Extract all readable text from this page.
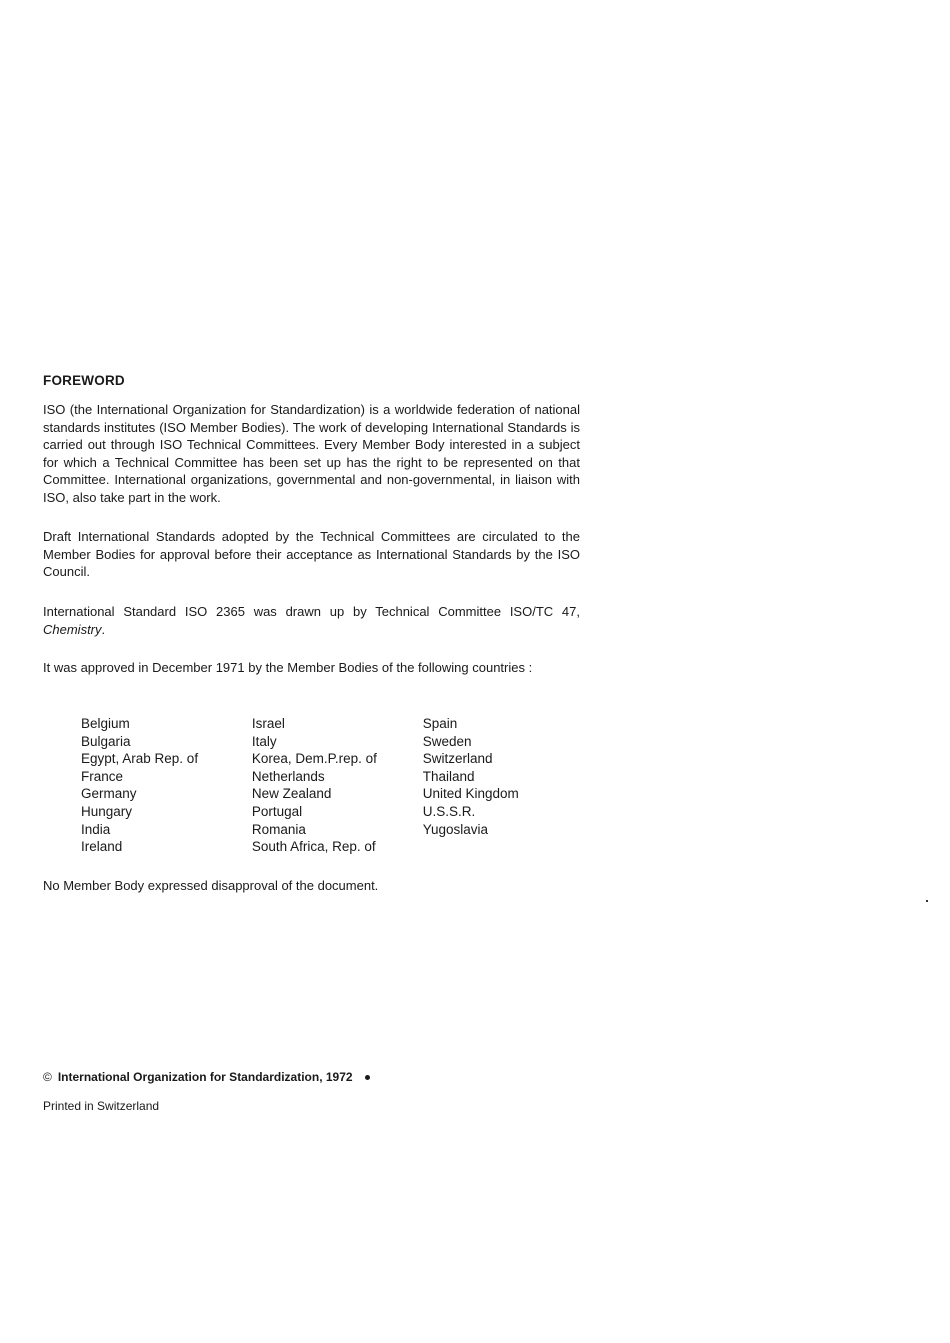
FOREWORD

ISO (the International Organization for Standardization) is a worldwide federation of national standards institutes (ISO Member Bodies). The work of developing International Standards is carried out through ISO Technical Committees. Every Member Body interested in a subject for which a Technical Committee has been set up has the right to be represented on that Committee. International organizations, governmental and non-governmental, in liaison with ISO, also take part in the work.

Draft International Standards adopted by the Technical Committees are circulated to the Member Bodies for approval before their acceptance as International Standards by the ISO Council.

International Standard ISO 2365 was drawn up by Technical Committee ISO/TC 47, Chemistry.

It was approved in December 1971 by the Member Bodies of the following countries :

Belgium
Bulgaria
Egypt, Arab Rep. of
France
Germany
Hungary
India
Ireland
Israel
Italy
Korea, Dem.P.rep. of
Netherlands
New Zealand
Portugal
Romania
South Africa, Rep. of
Spain
Sweden
Switzerland
Thailand
United Kingdom
U.S.S.R.
Yugoslavia

No Member Body expressed disapproval of the document.

© International Organization for Standardization, 1972

Printed in Switzerland
